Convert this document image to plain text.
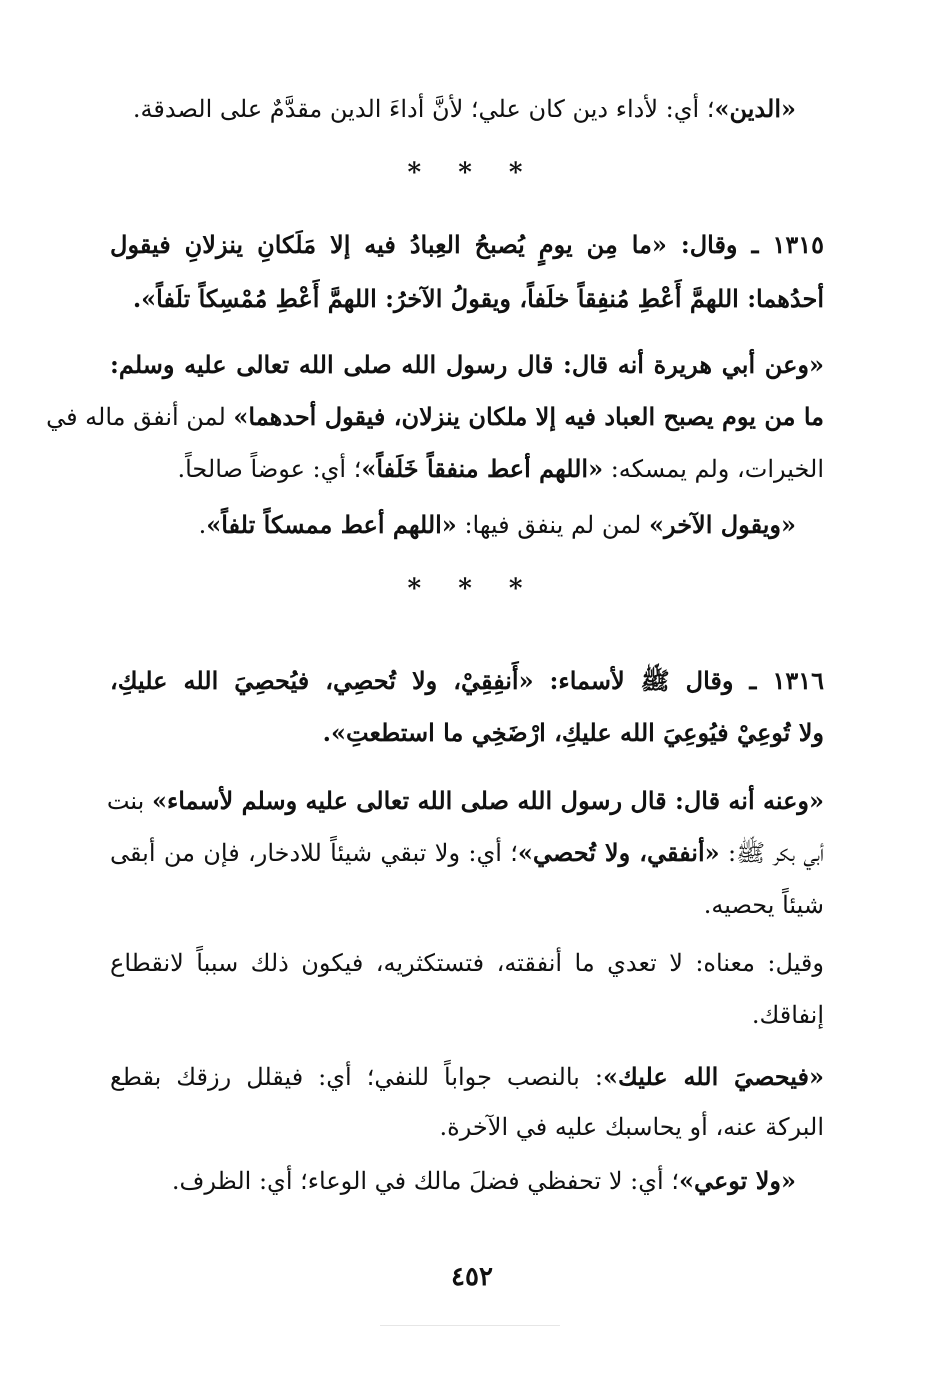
«الدين»؛ أي: لأداء دين كان علي؛ لأنَّ أداءَ الدين مقدَّمٌ على الصدقة.
* * *
١٣١٥ ـ وقال: «ما مِن يومٍ يُصبحُ العِبادُ فيه إلا مَلَكانِ ينزلانِ فيقول
أحدُهما: اللهمَّ أَعْطِ مُنفِقاً خلَفاً، ويقولُ الآخرُ: اللهمَّ أَعْطِ مُمْسِكاً تلَفاً».
«وعن أبي هريرة أنه قال: قال رسول الله صلى الله تعالى عليه وسلم:
ما من يوم يصبح العباد فيه إلا ملكان ينزلان، فيقول أحدهما» لمن أنفق ماله في
الخيرات، ولم يمسكه: «اللهم أعط منفقاً خَلَفاً»؛ أي: عوضاً صالحاً.
«ويقول الآخر» لمن لم ينفق فيها: «اللهم أعط ممسكاً تلفاً».
* * *
١٣١٦ ـ وقال ﷺ لأسماء: «أَنفِقِيْ، ولا تُحصِي، فيُحصِيَ الله عليكِ،
ولا تُوعِيْ فيُوعِيَ الله عليكِ، ارْضَخِي ما استطعتِ».
«وعنه أنه قال: قال رسول الله صلى الله تعالى عليه وسلم لأسماء» بنت
أبي بكر ﷺ: «أنفقي، ولا تُحصي»؛ أي: ولا تبقي شيئاً للادخار، فإن من أبقى
شيئاً يحصيه.
وقيل: معناه: لا تعدي ما أنفقته، فتستكثريه، فيكون ذلك سبباً لانقطاع
إنفاقك.
«فيحصيَ الله عليك»: بالنصب جواباً للنفي؛ أي: فيقلل رزقك بقطع
البركة عنه، أو يحاسبك عليه في الآخرة.
«ولا توعي»؛ أي: لا تحفظي فضلَ مالك في الوعاء؛ أي: الظرف.
٤٥٢
